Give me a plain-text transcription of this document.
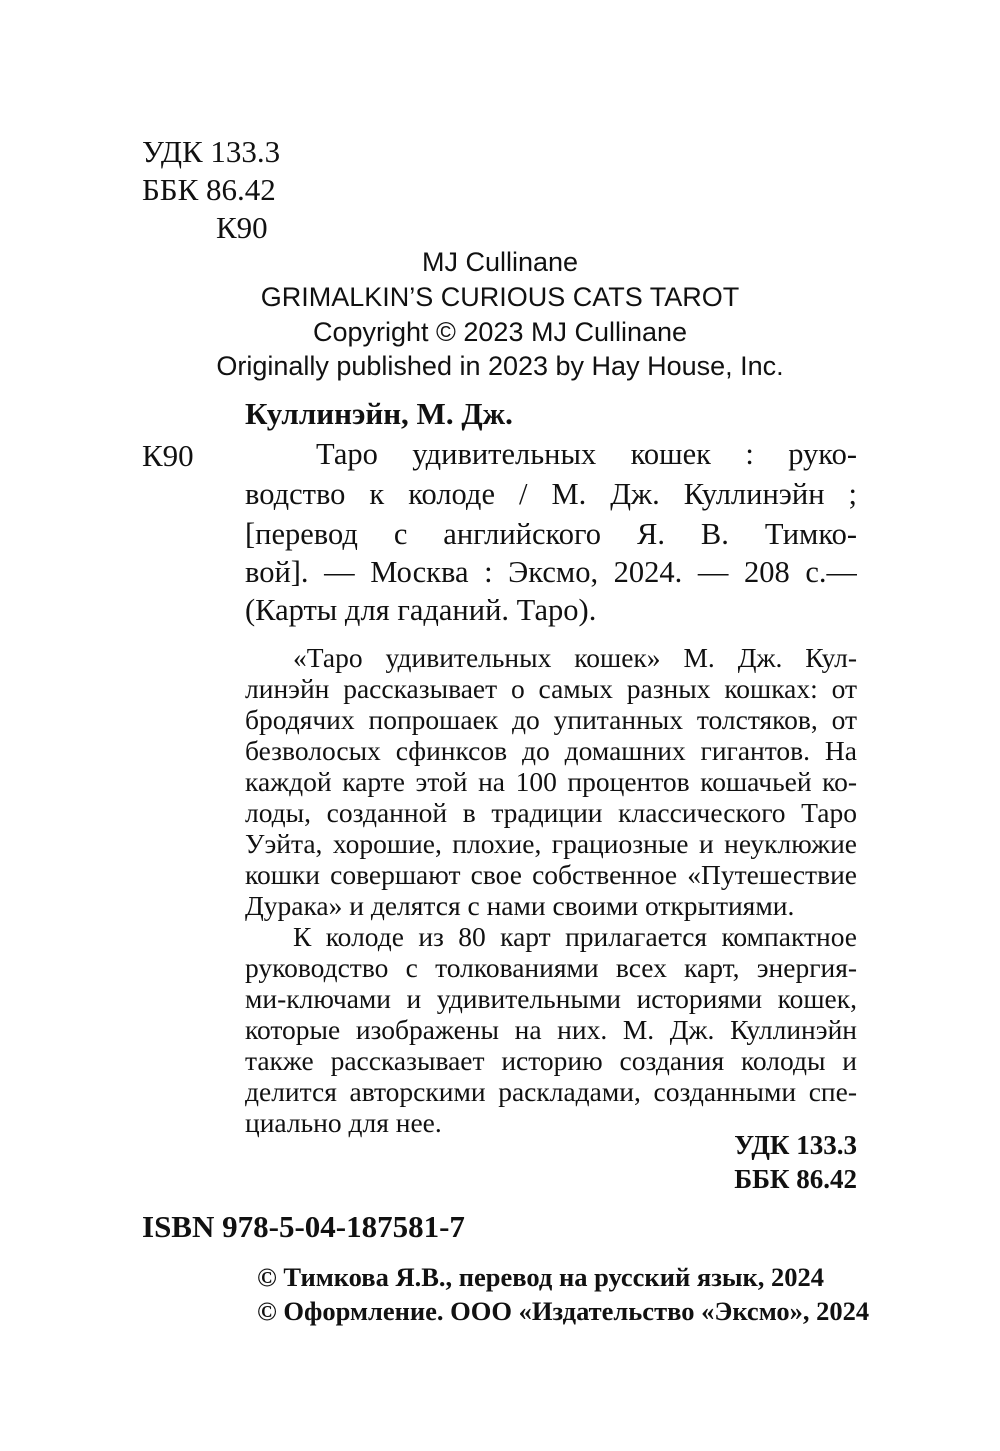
УДК 133.3
ББК 86.42
К90
MJ Cullinane
GRIMALKIN’S CURIOUS CATS TAROT
Copyright © 2023 MJ Cullinane
Originally published in 2023 by Hay House, Inc.
Куллинэйн, М. Дж.
К90	Таро удивительных кошек : руко-
водство к колоде / М. Дж. Куллинэйн ;
[перевод с английского Я. В. Тимко-
вой]. — Москва : Эксмо, 2024. — 208 с.—
(Карты для гаданий. Таро).
«Таро удивительных кошек» М. Дж. Кул-
линэйн рассказывает о самых разных кошках: от
бродячих попрошаек до упитанных толстяков, от
безволосых сфинксов до домашних гигантов. На
каждой карте этой на 100 процентов кошачьей ко-
лоды, созданной в традиции классического Таро
Уэйта, хорошие, плохие, грациозные и неуклюжие
кошки совершают свое собственное «Путешествие
Дурака» и делятся с нами своими открытиями.
К колоде из 80 карт прилагается компактное
руководство с толкованиями всех карт, энергия-
ми-ключами и удивительными историями кошек,
которые изображены на них. М. Дж. Куллинэйн
также рассказывает историю создания колоды и
делится авторскими раскладами, созданными спе-
циально для нее.
УДК 133.3
ББК 86.42
ISBN 978-5-04-187581-7
© Тимкова Я.В., перевод на русский язык, 2024
© Оформление. ООО «Издательство «Эксмо», 2024
